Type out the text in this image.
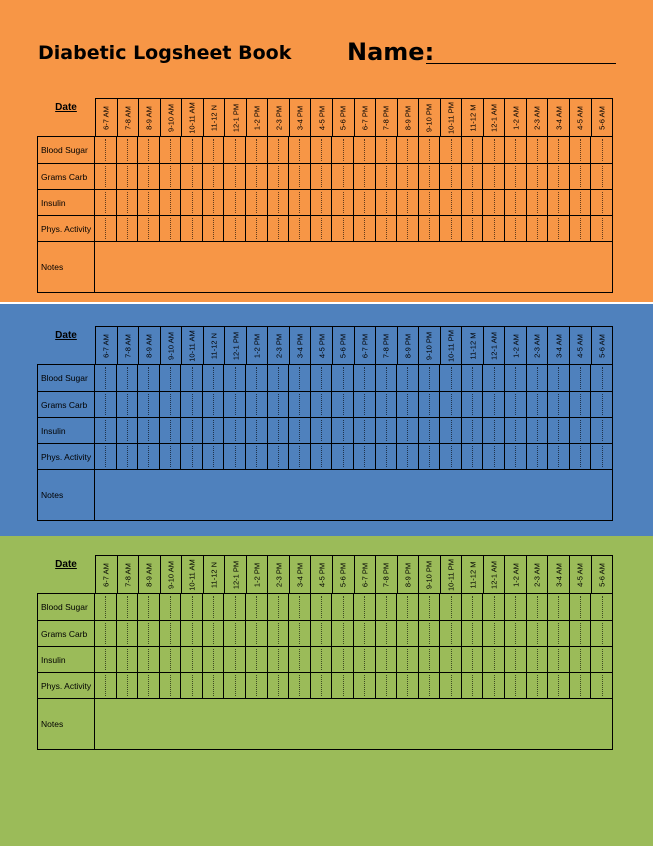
Diabetic Logsheet Book Name:
Date	6-7 AM 7-8 AM 8-9 AM 9-10 AM 10-11 AM 11-12 N 12-1 PM 1-2 PM 2-3 PM 3-4 PM 4-5 PM 5-6 PM 6-7 PM 7-8 PM 8-9 PM 9-10 PM 10-11 PM 11-12 M 12-1 AM 1-2 AM 2-3 AM 3-4 AM 4-5 AM 5-6 AM
Blood Sugar
Grams Carb
Insulin
Phys. Activity
Notes
Date	6-7 AM 7-8 AM 8-9 AM 9-10 AM 10-11 AM 11-12 N 12-1 PM 1-2 PM 2-3 PM 3-4 PM 4-5 PM 5-6 PM 6-7 PM 7-8 PM 8-9 PM 9-10 PM 10-11 PM 11-12 M 12-1 AM 1-2 AM 2-3 AM 3-4 AM 4-5 AM 5-6 AM
Blood Sugar
Grams Carb
Insulin
Phys. Activity
Notes
Date	6-7 AM 7-8 AM 8-9 AM 9-10 AM 10-11 AM 11-12 N 12-1 PM 1-2 PM 2-3 PM 3-4 PM 4-5 PM 5-6 PM 6-7 PM 7-8 PM 8-9 PM 9-10 PM 10-11 PM 11-12 M 12-1 AM 1-2 AM 2-3 AM 3-4 AM 4-5 AM 5-6 AM
Blood Sugar
Grams Carb
Insulin
Phys. Activity
Notes
